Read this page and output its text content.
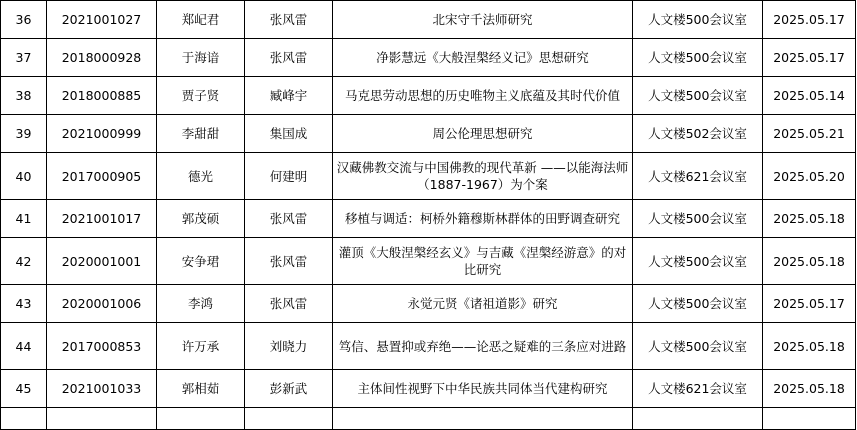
36	2021001027	郑屺君	张风雷	北宋守千法师研究	人文楼500会议室	2025.05.17
37	2018000928	于海谙	张风雷	净影慧远《大般涅槃经义记》思想研究	人文楼500会议室	2025.05.17
38	2018000885	贾子贤	臧峰宇	马克思劳动思想的历史唯物主义底蕴及其时代价值	人文楼500会议室	2025.05.14
39	2021000999	李甜甜	集国成	周公伦理思想研究	人文楼502会议室	2025.05.21
40	2017000905	德光	何建明	汉藏佛教交流与中国佛教的现代革新 ——以能海法师（1887-1967）为个案	人文楼621会议室	2025.05.20
41	2021001017	郭茂硕	张风雷	移植与调适：柯桥外籍穆斯林群体的田野调查研究	人文楼500会议室	2025.05.18
42	2020001001	安争珺	张风雷	灌顶《大般涅槃经玄义》与吉藏《涅槃经游意》的对比研究	人文楼500会议室	2025.05.18
43	2020001006	李鸿	张风雷	永觉元贤《诸祖道影》研究	人文楼500会议室	2025.05.17
44	2017000853	许万承	刘晓力	笃信、悬置抑或弃绝——论恶之疑难的三条应对进路	人文楼500会议室	2025.05.18
45	2021001033	郭相茹	彭新武	主体间性视野下中华民族共同体当代建构研究	人文楼621会议室	2025.05.18
